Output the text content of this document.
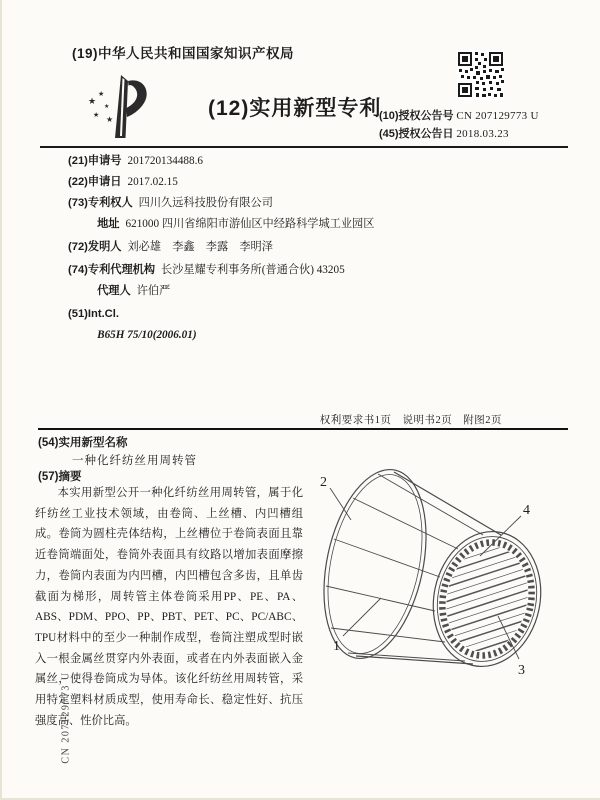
(19)中华人民共和国国家知识产权局
★
★
★
★ ★	(12)实用新型专利
(10)授权公告号 CN 207129773 U
(45)授权公告日 2018.03.23
(21)申请号 201720134488.6
(22)申请日 2017.02.15
(73)专利权人 四川久远科技股份有限公司
地址 621000 四川省绵阳市游仙区中经路科学城工业园区
(72)发明人 刘必雄　李鑫　李露　李明泽
(74)专利代理机构 长沙星耀专利事务所(普通合伙) 43205
代理人 许伯严
(51)Int.Cl.
B65H 75/10(2006.01)
权利要求书1页　说明书2页　附图2页
(54)实用新型名称
一种化纤纺丝用周转管
(57)摘要
本实用新型公开一种化纤纺丝用周转管，属于化纤纺丝工业技术领域，由卷筒、上丝槽、内凹槽组成。卷筒为圆柱壳体结构，上丝槽位于卷筒表面且靠近卷筒端面处，卷筒外表面具有纹路以增加表面摩擦力，卷筒内表面为内凹槽，内凹槽包含多齿，且单齿截面为梯形，周转管主体卷筒采用PP、PE、PA、ABS、PDM、PPO、PP、PBT、PET、PC、PC/ABC、TPU材料中的至少一种制作成型，卷筒注塑成型时嵌入一根金属丝贯穿内外表面，或者在内外表面嵌入金属丝，使得卷筒成为导体。该化纤纺丝用周转管，采用特定塑料材质成型，使用寿命长、稳定性好、抗压强度高、性价比高。
2
4
1
3
CN 207129773 U
